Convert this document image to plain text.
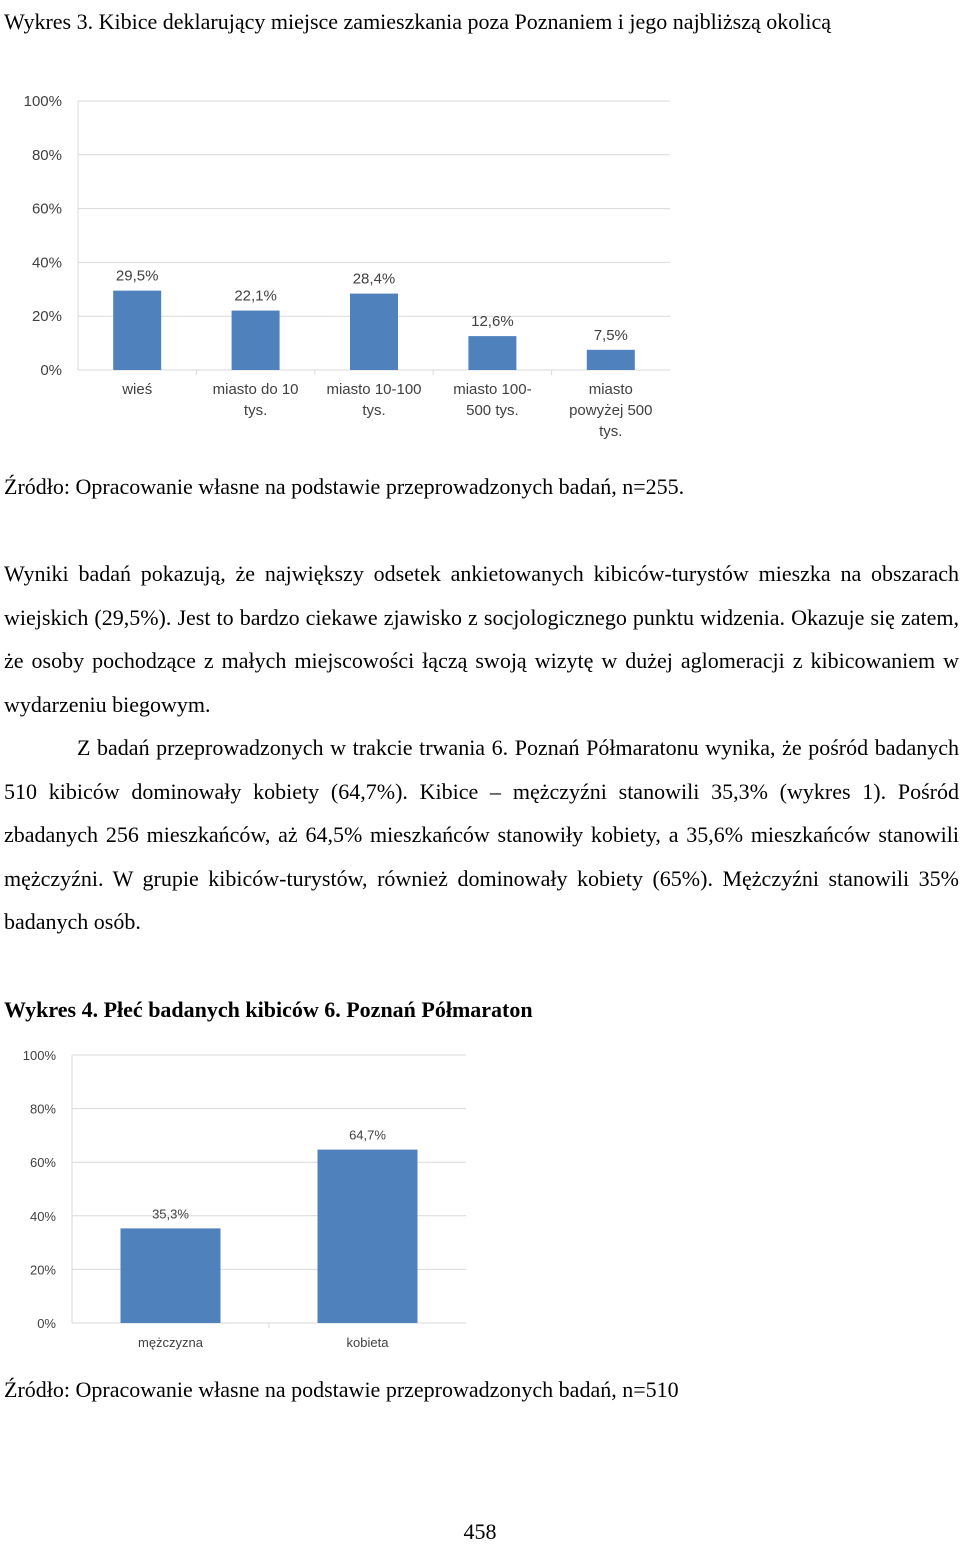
Wykres 3. Kibice deklarujący miejsce zamieszkania poza Poznaniem i jego najbliższą okolicą
0%
20%
40%
60%
80%
100%
29,5%
wieś
22,1%
miasto do 10
tys.
28,4%
miasto 10-100
tys.
12,6%
miasto 100-
500 tys.
7,5%
miasto
powyżej 500
tys.
Źródło: Opracowanie własne na podstawie przeprowadzonych badań, n=255.

Wyniki badań pokazują, że największy odsetek ankietowanych kibiców-turystów mieszka na obszarach wiejskich (29,5%). Jest to bardzo ciekawe zjawisko z socjologicznego punktu widzenia. Okazuje się zatem, że osoby pochodzące z małych miejscowości łączą swoją wizytę w dużej aglomeracji z kibicowaniem w wydarzeniu biegowym.

Z badań przeprowadzonych w trakcie trwania 6. Poznań Półmaratonu wynika, że pośród badanych 510 kibiców dominowały kobiety (64,7%). Kibice – mężczyźni stanowili 35,3% (wykres 1). Pośród zbadanych 256 mieszkańców, aż 64,5% mieszkańców stanowiły kobiety, a 35,6% mieszkańców stanowili mężczyźni. W grupie kibiców-turystów, również dominowały kobiety (65%). Mężczyźni stanowili 35% badanych osób.

Wykres 4. Płeć badanych kibiców 6. Poznań Półmaraton
0%
20%
40%
60%
80%
100%
35,3%
mężczyzna
64,7%
kobieta
Źródło: Opracowanie własne na podstawie przeprowadzonych badań, n=510
458
